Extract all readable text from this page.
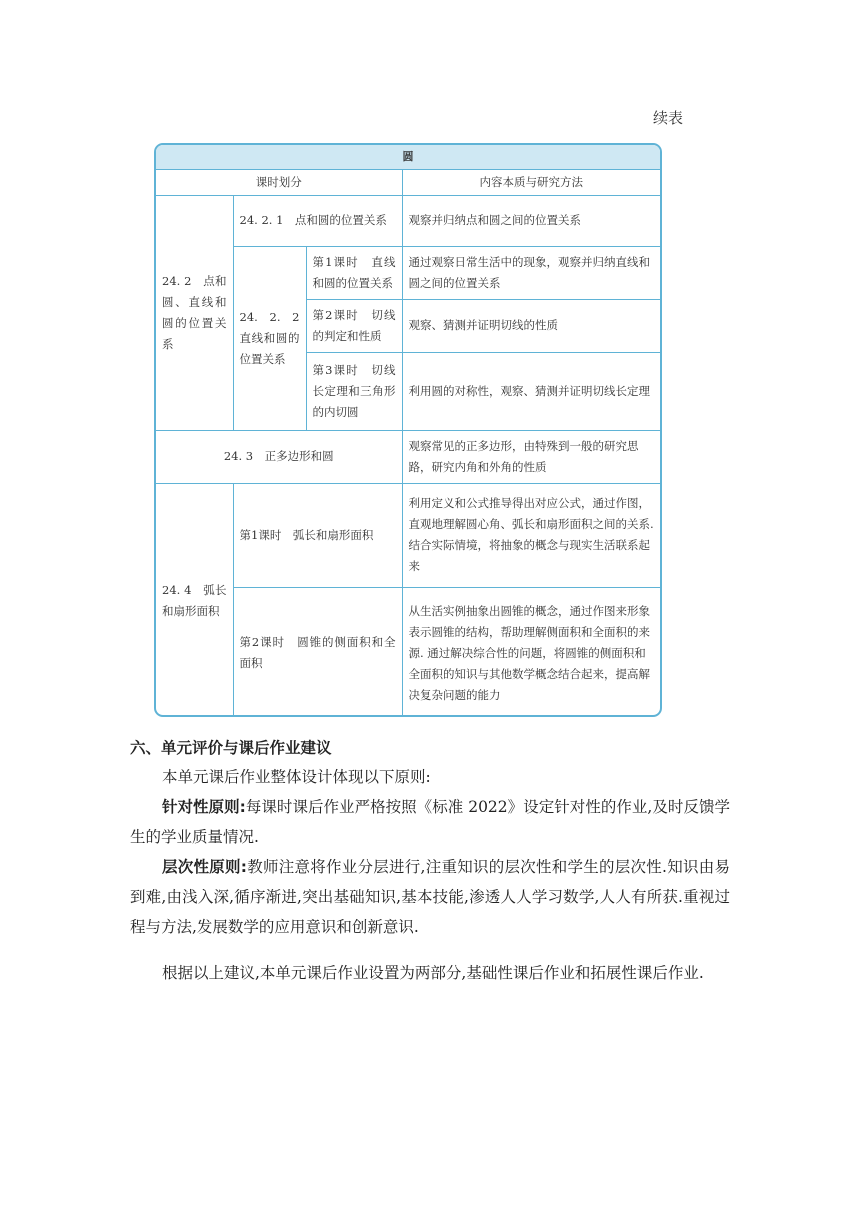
续表
圆			
课时划分			内容本质与研究方法
24. 2　点和圆、直线和圆的位置关系	24. 2. 1　点和圆的位置关系		观察并归纳点和圆之间的位置关系
	24. 2. 2　直线和圆的位置关系	第1课时　直线和圆的位置关系	通过观察日常生活中的现象，观察并归纳直线和圆之间的位置关系
		第2课时　切线的判定和性质	观察、猜测并证明切线的性质
		第3课时　切线长定理和三角形的内切圆	利用圆的对称性，观察、猜测并证明切线长定理
24. 3　正多边形和圆			观察常见的正多边形，由特殊到一般的研究思路，研究内角和外角的性质
24. 4　弧长和扇形面积	第1课时　弧长和扇形面积		利用定义和公式推导得出对应公式，通过作图，直观地理解圆心角、弧长和扇形面积之间的关系. 结合实际情境，将抽象的概念与现实生活联系起来
	第2课时　圆锥的侧面积和全面积		从生活实例抽象出圆锥的概念，通过作图来形象表示圆锥的结构，帮助理解侧面积和全面积的来源. 通过解决综合性的问题，将圆锥的侧面积和全面积的知识与其他数学概念结合起来，提高解决复杂问题的能力
六、单元评价与课后作业建议
本单元课后作业整体设计体现以下原则:
针对性原则:每课时课后作业严格按照《标准 2022》设定针对性的作业,及时反馈学生的学业质量情况.
层次性原则:教师注意将作业分层进行,注重知识的层次性和学生的层次性.知识由易到难,由浅入深,循序渐进,突出基础知识,基本技能,渗透人人学习数学,人人有所获.重视过程与方法,发展数学的应用意识和创新意识.
根据以上建议,本单元课后作业设置为两部分,基础性课后作业和拓展性课后作业.
